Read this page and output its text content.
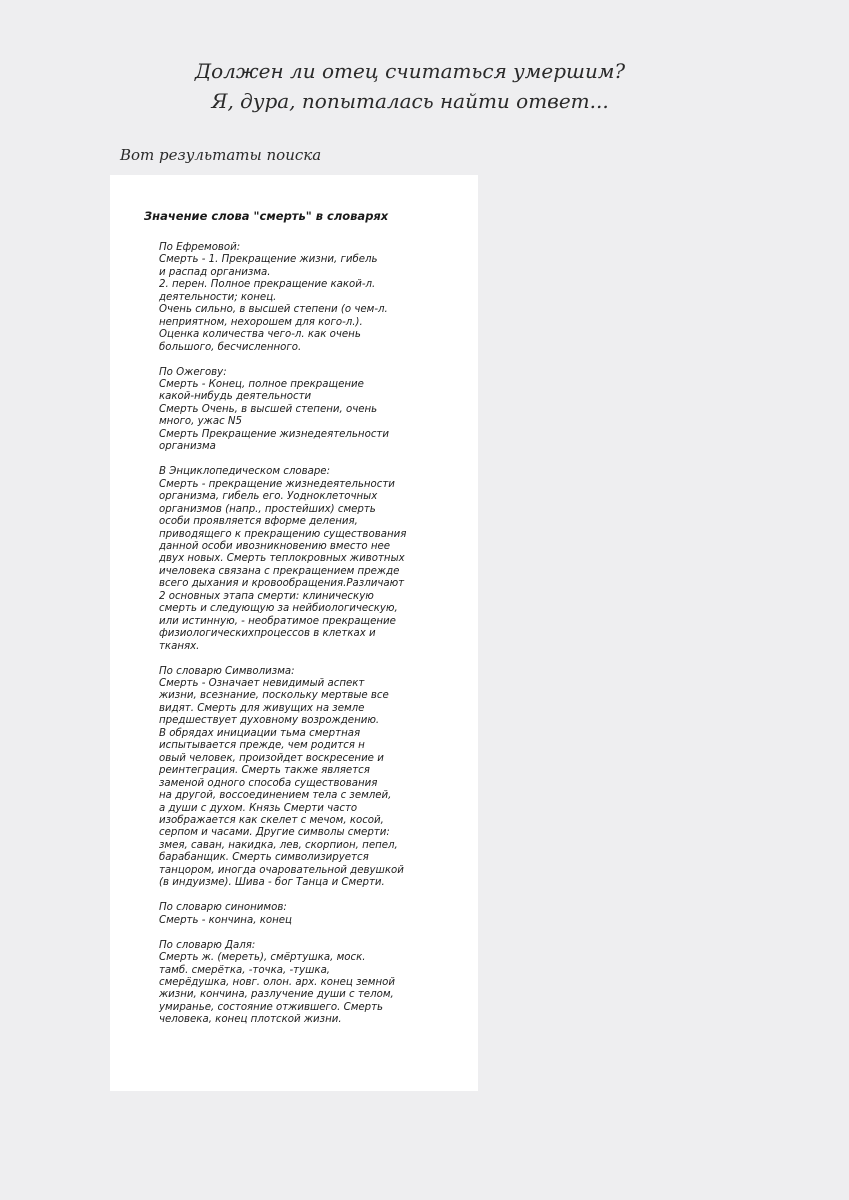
Должен ли отец считаться умершим?
Я, дура, попыталась найти ответ...
Вот результаты поиска
Значение слова "смерть" в словарях
По Ефремовой:
Смерть - 1. Прекращение жизни, гибель
и распад организма.
2. перен. Полное прекращение какой-л.
деятельности; конец.
Очень сильно, в высшей степени (о чем-л.
неприятном, нехорошем для кого-л.).
Оценка количества чего-л. как очень
большого, бесчисленного.
По Ожегову:
Смерть - Конец, полное прекращение
какой-нибудь деятельности
Смерть Очень, в высшей степени, очень
много, ужас N5
Смерть Прекращение жизнедеятельности
организма
В Энциклопедическом словаре:
Смерть - прекращение жизнедеятельности
организма, гибель его. Уодноклеточных
организмов (напр., простейших) смерть
особи проявляется вформе деления,
приводящего к прекращению существования
данной особи ивозникновению вместо нее
двух новых. Смерть теплокровных животных
ичеловека связана с прекращением прежде
всего дыхания и кровообращения.Различают
2 основных этапа смерти: клиническую
смерть и следующую за нейбиологическую,
или истинную, - необратимое прекращение
физиологическихпроцессов в клетках и
тканях.
По словарю Символизма:
Смерть - Означает невидимый аспект
жизни, всезнание, поскольку мертвые все
видят. Смерть для живущих на земле
предшествует духовному возрождению.
В обрядах инициации тьма смертная
испытывается прежде, чем родится н
овый человек, произойдет воскресение и
реинтеграция. Смерть также является
заменой одного способа существования
на другой, воссоединением тела с землей,
а души с духом. Князь Смерти часто
изображается как скелет с мечом, косой,
серпом и часами. Другие символы смерти:
змея, саван, накидка, лев, скорпион, пепел,
барабанщик. Смерть символизируется
танцором, иногда очаровательной девушкой
(в индуизме). Шива - бог Танца и Смерти.
По словарю синонимов:
Смерть - кончина, конец
По словарю Даля:
Смерть ж. (мереть), смёртушка, моск.
тамб. смерётка, -точка, -тушка,
смерёдушка, новг. олон. арх. конец земной
жизни, кончина, разлучение души с телом,
умиранье, состояние отжившего. Смерть
человека, конец плотской жизни.
